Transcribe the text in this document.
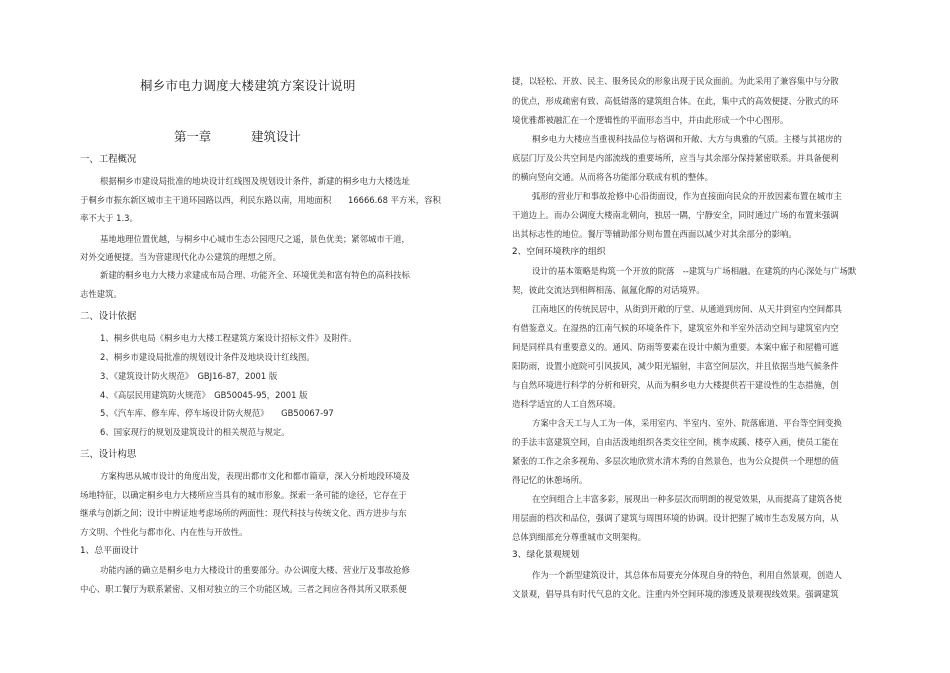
桐乡市电力调度大楼建筑方案设计说明
第一章	建筑设计
一、工程概况
根据桐乡市建设局批准的地块设计红线图及规划设计条件，新建的桐乡电力大楼选址
于桐乡市振东新区城市主干道环园路以西，利民东路以南，用地面积　　16666.68 平方米，容积
率不大于 1.3。
基地地理位置优越，与桐乡中心城市生态公园咫尺之遥，景色优美；紧邻城市干道，
对外交通便捷。当为营建现代化办公建筑的理想之所。
新建的桐乡电力大楼力求建成布局合理、功能齐全、环境优美和富有特色的高科技标
志性建筑。
二、设计依据
1、桐乡供电局《桐乡电力大楼工程建筑方案设计招标文件》及附件。
2、桐乡市建设局批准的规划设计条件及地块设计红线图。
3、《建筑设计防火规范》　GBJ16-87，2001 版
4、《高层民用建筑防火规范》　GB50045-95，2001 版
5、《汽车库、修车库、停车场设计防火规范》　　GB50067-97
6、国家现行的规划及建筑设计的相关规范与规定。
三、设计构思
方案构思从城市设计的角度出发，表现出都市文化和都市篇章，深入分析地段环境及
场地特征，以确定桐乡电力大楼所应当具有的城市形象。探索一条可能的途径，它存在于
继承与创新之间；设计中辨证地考虑场所的两面性：现代科技与传统文化、西方进步与东
方文明、个性化与都市化、内在性与开放性。
1、总平面设计
功能内涵的确立是桐乡电力大楼设计的重要部分。办公调度大楼、营业厅及事故抢修
中心、职工餐厅为联系紧密、又相对独立的三个功能区域。三者之间应各得其所又联系便
捷，以轻松、开放、民主、服务民众的形象出现于民众面前。为此采用了兼容集中与分散
的优点，形成疏密有致、高低错落的建筑组合体。在此，集中式的高效便捷、分散式的环
境优雅都被融汇在一个逻辑性的平面形态当中，并由此形成一个中心图形。
桐乡电力大楼应当重视科技品位与格调和开敞、大方与典雅的气质。主楼与其裙房的
底层门厅及公共空间是内部流线的重要场所，应当与其余部分保持紧密联系。并具备便利
的横向竖向交通。从而将各功能部分联成有机的整体。
弧形的营业厅和事故抢修中心沿街面设，作为直接面向民众的开放因素布置在城市主
干道边上。而办公调度大楼南北朝向，独居一隅，宁静安全，同时通过广场的布置来强调
出其标志性的地位。餐厅等辅助部分则布置在西面以减少对其余部分的影响。
2、空间环境秩序的组织
设计的基本策略是构筑一个开放的院落　--建筑与广场相融。在建筑的内心深处与广场默
契，彼此交流达到相辉相荡、氤氲化醇的对话境界。
江南地区的传统民居中，从街到开敞的厅堂、从通道到房间、从天井到室内空间都具
有借鉴意义。在湿热的江南气候的环境条件下，建筑室外和半室外活动空间与建筑室内空
间是同样具有重要意义的。通风、防雨等要素在设计中颇为重要。本案中廊子和屋檐可遮
阳防雨，设置小庭院可引风拔风，减少阳光辐射，丰富空间层次，并且依据当地气候条件
与自然环境进行科学的分析和研究，从而为桐乡电力大楼提供若干建设性的生态措施，创
造科学适宜的人工自然环境。
方案中含天工与人工为一体，采用室内、半室内、室外、院落廊道、平台等空间变换
的手法丰富建筑空间，自由活泼地组织各类交往空间，桃李成蹊、楼亭入画，使员工能在
紧张的工作之余多视角、多层次地欣赏水清木秀的自然景色，也为公众提供一个理想的值
得记忆的休憩场所。
在空间组合上丰富多彩，展现出一种多层次而明朗的视觉效果，从而提高了建筑各使
用层面的档次和品位，强调了建筑与周围环境的协调。设计把握了城市生态发展方向，从
总体到细部充分尊重城市文明架构。
3、绿化景观规划
作为一个新型建筑设计，其总体布局要充分体现自身的特色，利用自然景观，创造人
文景观，倡导具有时代气息的文化。注重内外空间环境的渗透及景观视线效果。强调建筑
